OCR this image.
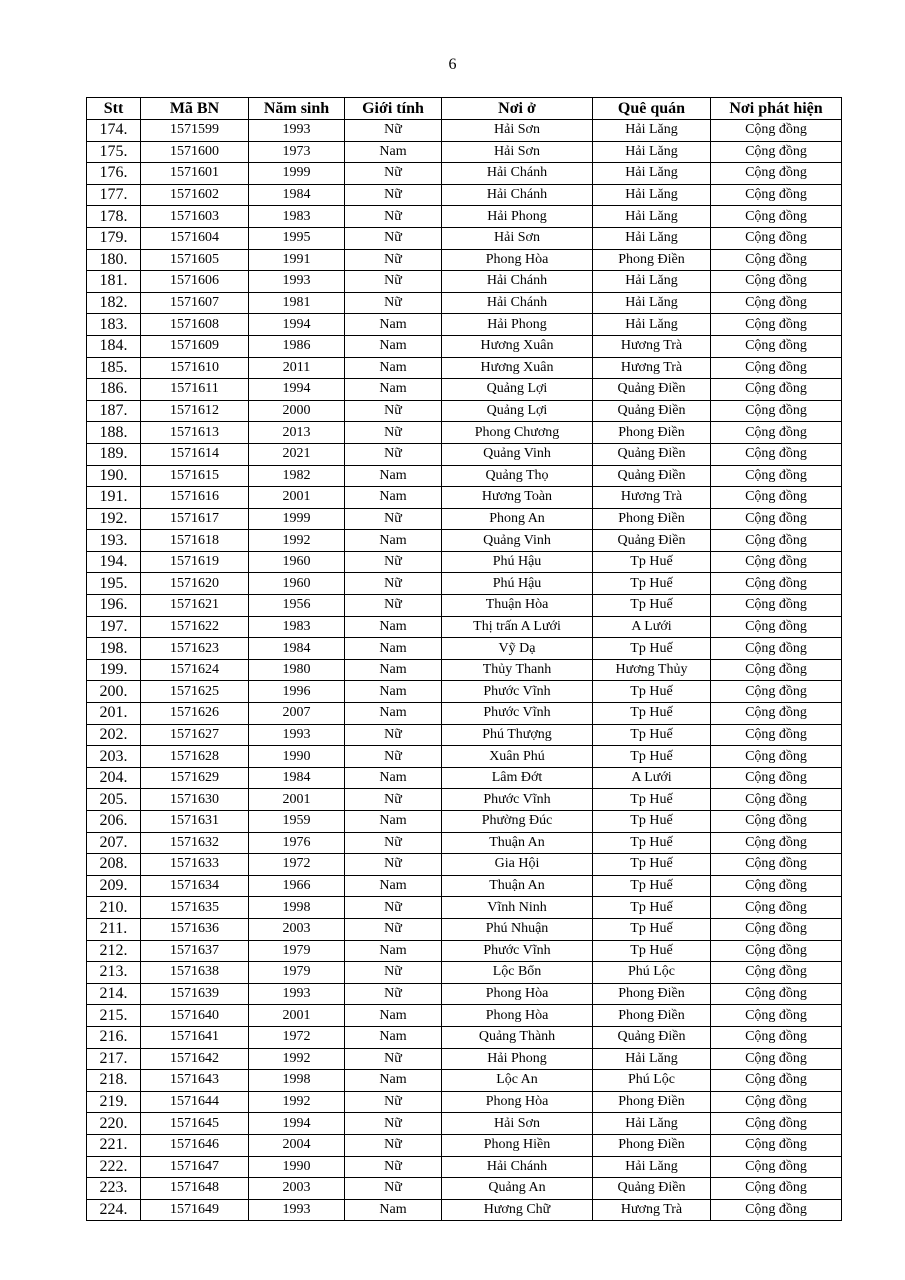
6
Stt	Mã BN	Năm sinh	Giới tính	Nơi ở	Quê quán	Nơi phát hiện
174.	1571599	1993	Nữ	Hải Sơn	Hải Lăng	Cộng đồng
175.	1571600	1973	Nam	Hải Sơn	Hải Lăng	Cộng đồng
176.	1571601	1999	Nữ	Hải Chánh	Hải Lăng	Cộng đồng
177.	1571602	1984	Nữ	Hải Chánh	Hải Lăng	Cộng đồng
178.	1571603	1983	Nữ	Hải Phong	Hải Lăng	Cộng đồng
179.	1571604	1995	Nữ	Hải Sơn	Hải Lăng	Cộng đồng
180.	1571605	1991	Nữ	Phong Hòa	Phong Điền	Cộng đồng
181.	1571606	1993	Nữ	Hải Chánh	Hải Lăng	Cộng đồng
182.	1571607	1981	Nữ	Hải Chánh	Hải Lăng	Cộng đồng
183.	1571608	1994	Nam	Hải Phong	Hải Lăng	Cộng đồng
184.	1571609	1986	Nam	Hương Xuân	Hương Trà	Cộng đồng
185.	1571610	2011	Nam	Hương Xuân	Hương Trà	Cộng đồng
186.	1571611	1994	Nam	Quảng Lợi	Quảng Điền	Cộng đồng
187.	1571612	2000	Nữ	Quảng Lợi	Quảng Điền	Cộng đồng
188.	1571613	2013	Nữ	Phong Chương	Phong Điền	Cộng đồng
189.	1571614	2021	Nữ	Quảng Vinh	Quảng Điền	Cộng đồng
190.	1571615	1982	Nam	Quảng Thọ	Quảng Điền	Cộng đồng
191.	1571616	2001	Nam	Hương Toàn	Hương Trà	Cộng đồng
192.	1571617	1999	Nữ	Phong An	Phong Điền	Cộng đồng
193.	1571618	1992	Nam	Quảng Vinh	Quảng Điền	Cộng đồng
194.	1571619	1960	Nữ	Phú Hậu	Tp Huế	Cộng đồng
195.	1571620	1960	Nữ	Phú Hậu	Tp Huế	Cộng đồng
196.	1571621	1956	Nữ	Thuận Hòa	Tp Huế	Cộng đồng
197.	1571622	1983	Nam	Thị trấn A Lưới	A Lưới	Cộng đồng
198.	1571623	1984	Nam	Vỹ Dạ	Tp Huế	Cộng đồng
199.	1571624	1980	Nam	Thủy Thanh	Hương Thủy	Cộng đồng
200.	1571625	1996	Nam	Phước Vĩnh	Tp Huế	Cộng đồng
201.	1571626	2007	Nam	Phước Vĩnh	Tp Huế	Cộng đồng
202.	1571627	1993	Nữ	Phú Thượng	Tp Huế	Cộng đồng
203.	1571628	1990	Nữ	Xuân Phú	Tp Huế	Cộng đồng
204.	1571629	1984	Nam	Lâm Đớt	A Lưới	Cộng đồng
205.	1571630	2001	Nữ	Phước Vĩnh	Tp Huế	Cộng đồng
206.	1571631	1959	Nam	Phường Đúc	Tp Huế	Cộng đồng
207.	1571632	1976	Nữ	Thuận An	Tp Huế	Cộng đồng
208.	1571633	1972	Nữ	Gia Hội	Tp Huế	Cộng đồng
209.	1571634	1966	Nam	Thuận An	Tp Huế	Cộng đồng
210.	1571635	1998	Nữ	Vĩnh Ninh	Tp Huế	Cộng đồng
211.	1571636	2003	Nữ	Phú Nhuận	Tp Huế	Cộng đồng
212.	1571637	1979	Nam	Phước Vĩnh	Tp Huế	Cộng đồng
213.	1571638	1979	Nữ	Lộc Bổn	Phú Lộc	Cộng đồng
214.	1571639	1993	Nữ	Phong Hòa	Phong Điền	Cộng đồng
215.	1571640	2001	Nam	Phong Hòa	Phong Điền	Cộng đồng
216.	1571641	1972	Nam	Quảng Thành	Quảng Điền	Cộng đồng
217.	1571642	1992	Nữ	Hải Phong	Hải Lăng	Cộng đồng
218.	1571643	1998	Nam	Lộc An	Phú Lộc	Cộng đồng
219.	1571644	1992	Nữ	Phong Hòa	Phong Điền	Cộng đồng
220.	1571645	1994	Nữ	Hải Sơn	Hải Lăng	Cộng đồng
221.	1571646	2004	Nữ	Phong Hiền	Phong Điền	Cộng đồng
222.	1571647	1990	Nữ	Hải Chánh	Hải Lăng	Cộng đồng
223.	1571648	2003	Nữ	Quảng An	Quảng Điền	Cộng đồng
224.	1571649	1993	Nam	Hương Chữ	Hương Trà	Cộng đồng
